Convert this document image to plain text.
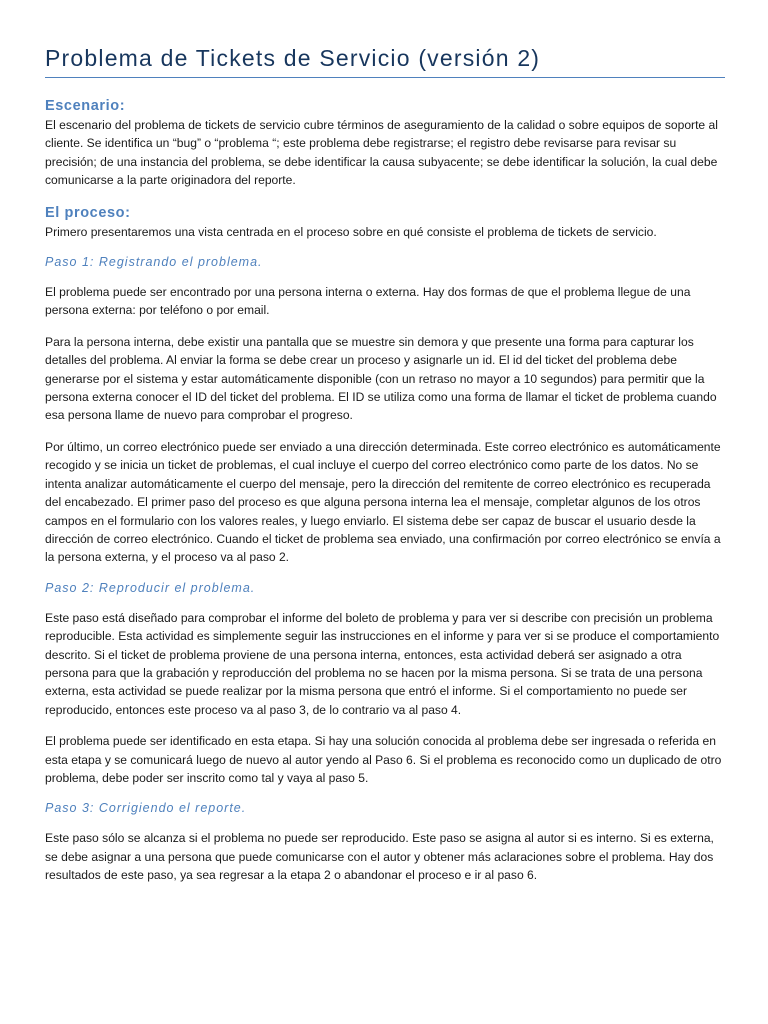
Problema de Tickets de Servicio (versión 2)
Escenario:

El escenario del problema de tickets de servicio cubre términos de aseguramiento de la calidad o sobre equipos de soporte al cliente. Se identifica un “bug” o “problema “; este problema debe registrarse; el registro debe revisarse para revisar su precisión; de una instancia del problema, se debe identificar la causa subyacente; se debe identificar la solución, la cual debe comunicarse a la parte originadora del reporte.

El proceso:

Primero presentaremos una vista centrada en el proceso sobre en qué consiste el problema de tickets de servicio.

Paso 1: Registrando el problema.

El problema puede ser encontrado por una persona interna o externa. Hay dos formas de que el problema llegue de una persona externa: por teléfono o por email.

Para la persona interna, debe existir una pantalla que se muestre sin demora y que presente una forma para capturar los detalles del problema. Al enviar la forma se debe crear un proceso y asignarle un id. El id del ticket del problema debe generarse por el sistema y estar automáticamente disponible (con un retraso no mayor a 10 segundos) para permitir que la persona externa conocer el ID del ticket del problema. El ID se utiliza como una forma de llamar el ticket de problema cuando esa persona llame de nuevo para comprobar el progreso.

Por último, un correo electrónico puede ser enviado a una dirección determinada. Este correo electrónico es automáticamente recogido y se inicia un ticket de problemas, el cual incluye el cuerpo del correo electrónico como parte de los datos. No se intenta analizar automáticamente el cuerpo del mensaje, pero la dirección del remitente de correo electrónico es recuperada del encabezado. El primer paso del proceso es que alguna persona interna lea el mensaje, completar algunos de los otros campos en el formulario con los valores reales, y luego enviarlo. El sistema debe ser capaz de buscar el usuario desde la dirección de correo electrónico. Cuando el ticket de problema sea enviado, una confirmación por correo electrónico se envía a la persona externa, y el proceso va al paso 2.

Paso 2: Reproducir el problema.

Este paso está diseñado para comprobar el informe del boleto de problema y para ver si describe con precisión un problema reproducible. Esta actividad es simplemente seguir las instrucciones en el informe y para ver si se produce el comportamiento descrito. Si el ticket de problema proviene de una persona interna, entonces, esta actividad deberá ser asignado a otra persona para que la grabación y reproducción del problema no se hacen por la misma persona. Si se trata de una persona externa, esta actividad se puede realizar por la misma persona que entró el informe. Si el comportamiento no puede ser reproducido, entonces este proceso va al paso 3, de lo contrario va al paso 4.

El problema puede ser identificado en esta etapa. Si hay una solución conocida al problema debe ser ingresada o referida en esta etapa y se comunicará luego de nuevo al autor yendo al Paso 6. Si el problema es reconocido como un duplicado de otro problema, debe poder ser inscrito como tal y vaya al paso 5.

Paso 3: Corrigiendo el reporte.

Este paso sólo se alcanza si el problema no puede ser reproducido. Este paso se asigna al autor si es interno. Si es externa, se debe asignar a una persona que puede comunicarse con el autor y obtener más aclaraciones sobre el problema. Hay dos resultados de este paso, ya sea regresar a la etapa 2 o abandonar el proceso e ir al paso 6.
